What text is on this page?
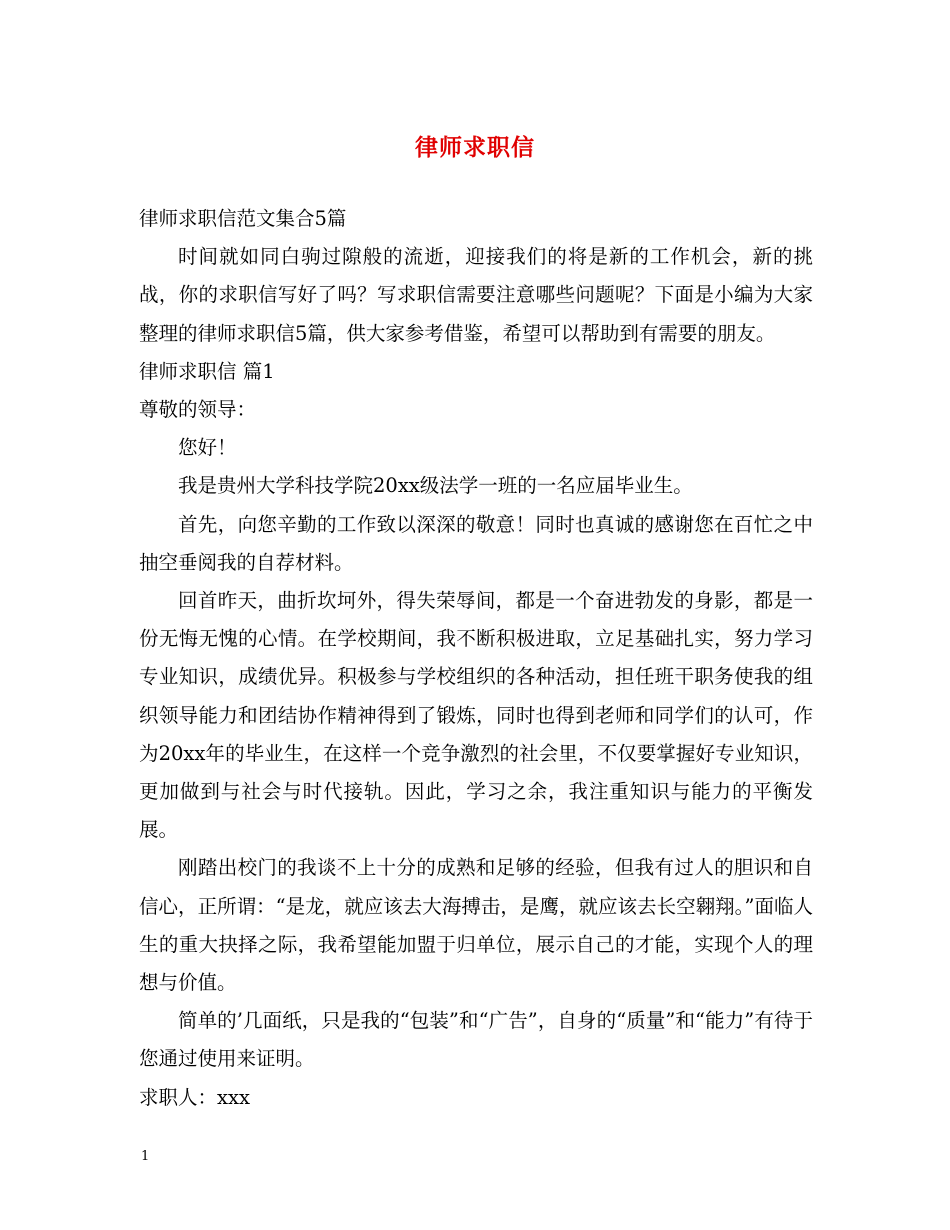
律师求职信

律师求职信范文集合5篇

时间就如同白驹过隙般的流逝，迎接我们的将是新的工作机会，新的挑战，你的求职信写好了吗？写求职信需要注意哪些问题呢？下面是小编为大家整理的律师求职信5篇，供大家参考借鉴，希望可以帮助到有需要的朋友。

律师求职信 篇1

尊敬的领导：

您好！

我是贵州大学科技学院20xx级法学一班的一名应届毕业生。

首先，向您辛勤的工作致以深深的敬意！同时也真诚的感谢您在百忙之中抽空垂阅我的自荐材料。

回首昨天，曲折坎坷外，得失荣辱间，都是一个奋进勃发的身影，都是一份无悔无愧的心情。在学校期间，我不断积极进取，立足基础扎实，努力学习专业知识，成绩优异。积极参与学校组织的各种活动，担任班干职务使我的组织领导能力和团结协作精神得到了锻炼，同时也得到老师和同学们的认可，作为20xx年的毕业生，在这样一个竞争激烈的社会里，不仅要掌握好专业知识，更加做到与社会与时代接轨。因此，学习之余，我注重知识与能力的平衡发展。

刚踏出校门的我谈不上十分的成熟和足够的经验，但我有过人的胆识和自信心，正所谓：“是龙，就应该去大海搏击，是鹰，就应该去长空翱翔。”面临人生的重大抉择之际，我希望能加盟于归单位，展示自己的才能，实现个人的理想与价值。

简单的’几面纸，只是我的“包装”和“广告”，自身的“质量”和“能力”有待于您通过使用来证明。

求职人：xxx

1
